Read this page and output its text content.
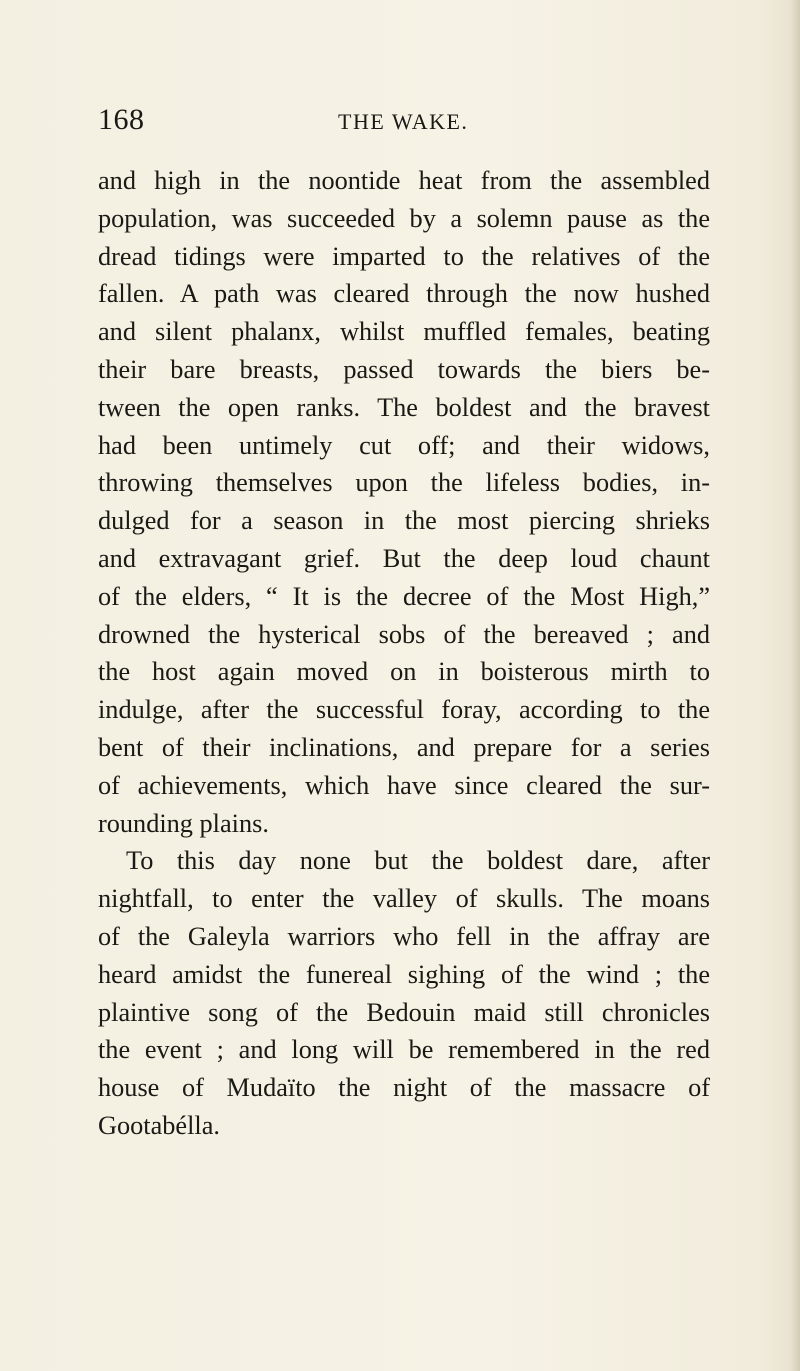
168	THE WAKE.
and high in the noontide heat from the assembled
population, was succeeded by a solemn pause as the
dread tidings were imparted to the relatives of the
fallen. A path was cleared through the now hushed
and silent phalanx, whilst muffled females, beating
their bare breasts, passed towards the biers be-
tween the open ranks. The boldest and the bravest
had been untimely cut off; and their widows,
throwing themselves upon the lifeless bodies, in-
dulged for a season in the most piercing shrieks
and extravagant grief. But the deep loud chaunt
of the elders, “ It is the decree of the Most High,”
drowned the hysterical sobs of the bereaved ; and
the host again moved on in boisterous mirth to
indulge, after the successful foray, according to the
bent of their inclinations, and prepare for a series
of achievements, which have since cleared the sur-
rounding plains.
To this day none but the boldest dare, after
nightfall, to enter the valley of skulls. The moans
of the Galeyla warriors who fell in the affray are
heard amidst the funereal sighing of the wind ; the
plaintive song of the Bedouin maid still chronicles
the event ; and long will be remembered in the red
house of Mudaïto the night of the massacre of
Gootabélla.
